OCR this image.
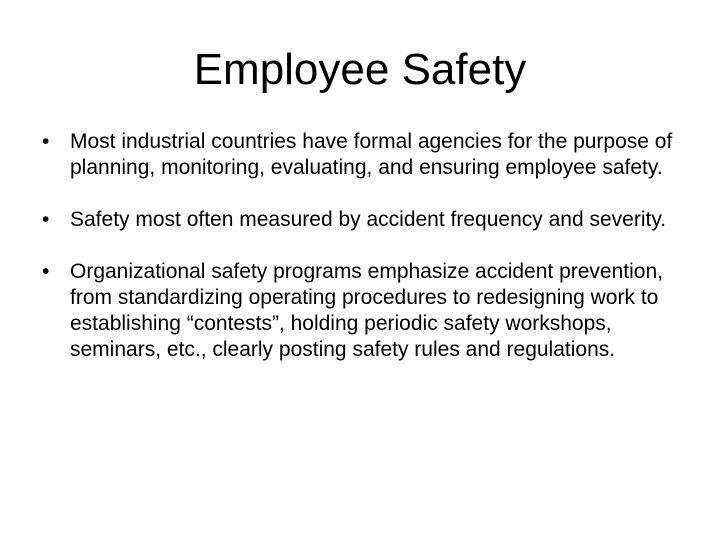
Employee Safety
• Most industrial countries have formal agencies for the purpose of planning, monitoring, evaluating, and ensuring employee safety.
• Safety most often measured by accident frequency and severity.
• Organizational safety programs emphasize accident prevention, from standardizing operating procedures to redesigning work to establishing “contests”, holding periodic safety workshops, seminars, etc., clearly posting safety rules and regulations.
